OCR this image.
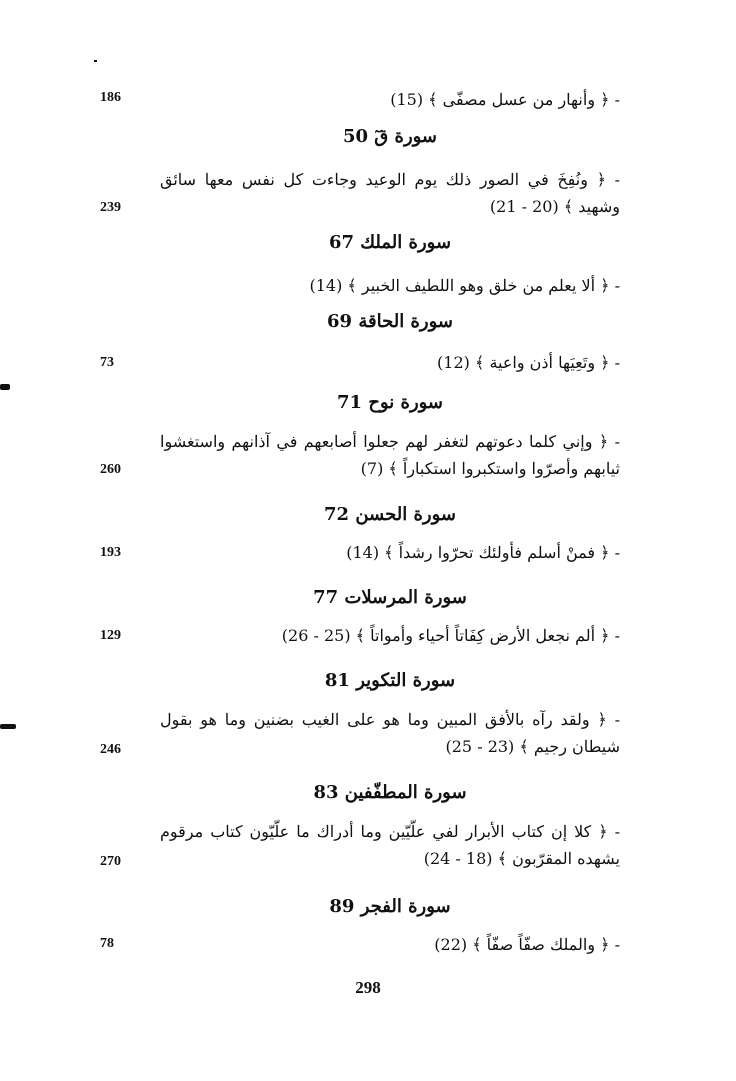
- ﴿ وأنهار من عسل مصفّى ﴾ (15)
186
سورة قٓ 50
- ﴿ ونُفِخَ في الصور ذلك يوم الوعيد وجاءت كل نفس معها سائق وشهيد ﴾ (20 - 21)
239
سورة الملك 67
- ﴿ ألا يعلم من خلق وهو اللطيف الخبير ﴾ (14)
سورة الحاقة 69
- ﴿ وتَعِيَها أذن واعية ﴾ (12)
73
سورة نوح 71
- ﴿ وإني كلما دعوتهم لتغفر لهم جعلوا أصابعهم في آذانهم واستغشوا ثيابهم وأصرّوا واستكبروا استكباراً ﴾ (7)
260
سورة الحسن 72
- ﴿ فمنْ أسلم فأولئك تحرّوا رشداً ﴾ (14)
193
سورة المرسلات 77
- ﴿ ألم نجعل الأرض كِفَاتاً أحياء وأمواتاً ﴾ (25 - 26)
129
سورة التكوير 81
- ﴿ ولقد رآه بالأفق المبين وما هو على الغيب بضنين وما هو بقول شيطان رجيم ﴾ (23 - 25)
246
سورة المطفّفين 83
- ﴿ كلا إن كتاب الأبرار لفي علّيّين وما أدراك ما علّيّون كتاب مرقوم يشهده المقرّبون ﴾ (18 - 24)
270
سورة الفجر 89
- ﴿ والملك صفّاً صفّاً ﴾ (22)
78
298
